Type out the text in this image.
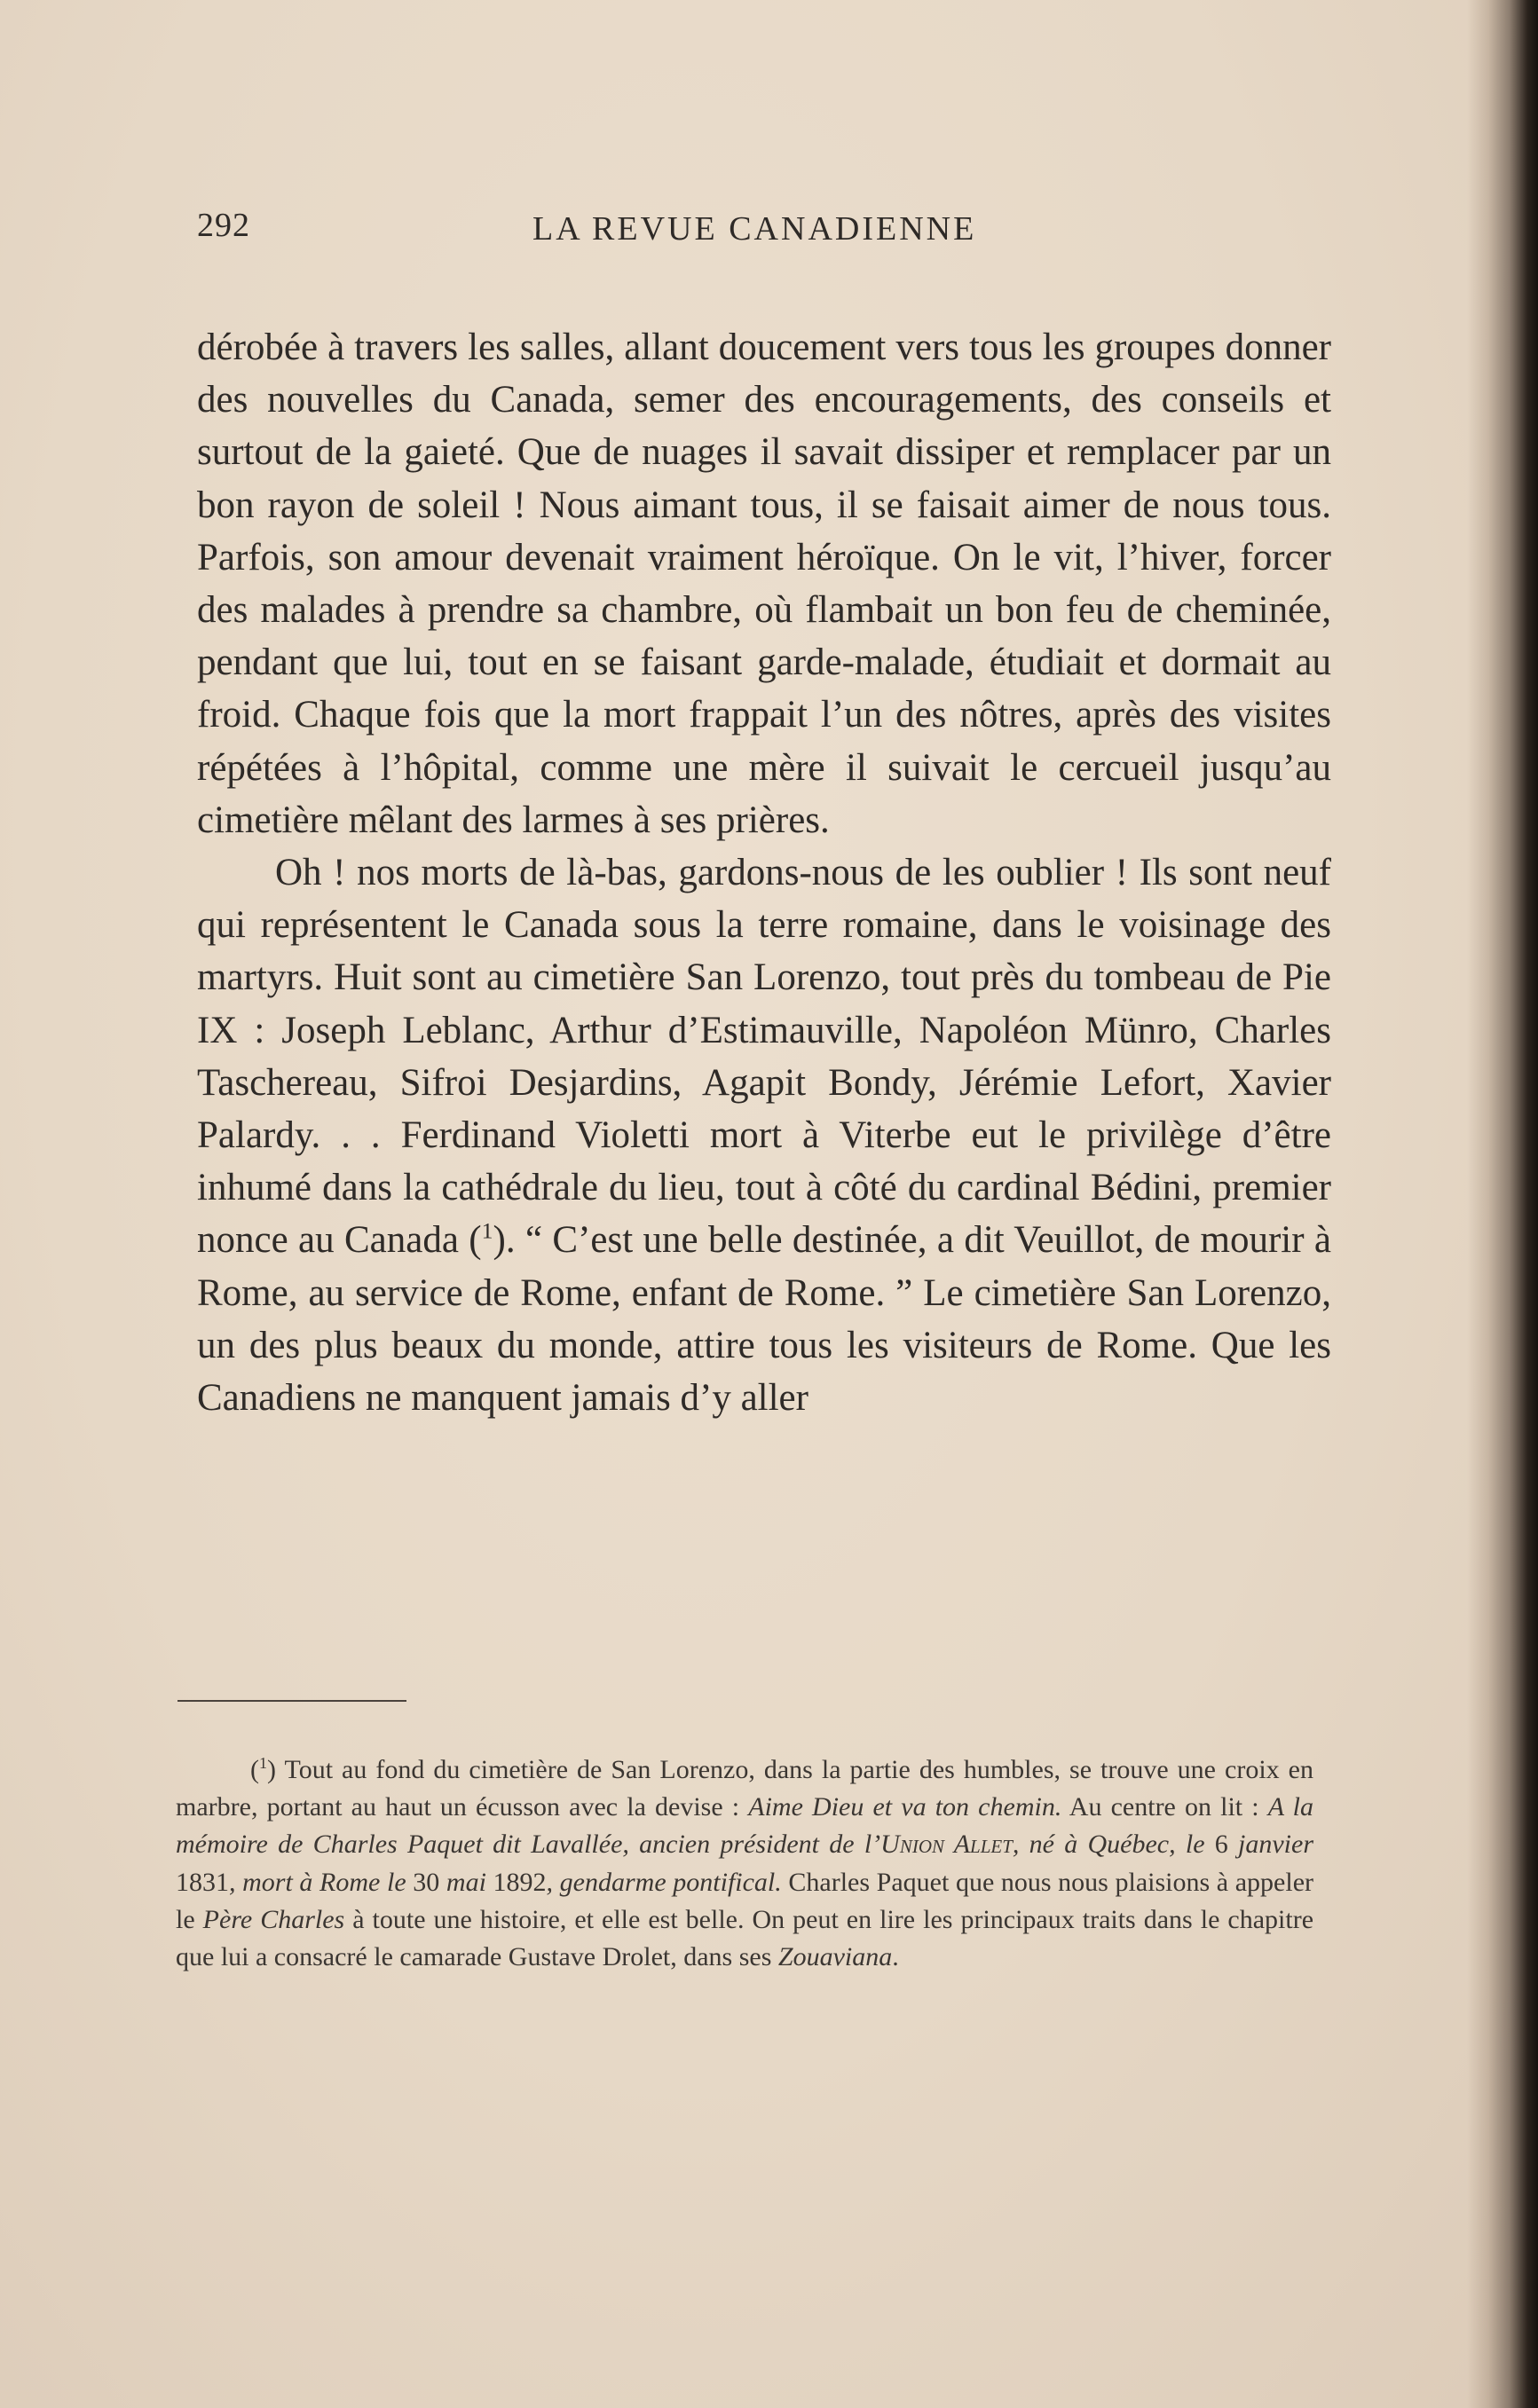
292	LA REVUE CANADIENNE

dérobée à travers les salles, allant doucement vers tous les groupes donner des nouvelles du Canada, semer des encouragements, des conseils et surtout de la gaieté. Que de nuages il savait dissiper et remplacer par un bon rayon de soleil ! Nous aimant tous, il se faisait aimer de nous tous. Parfois, son amour devenait vraiment héroïque. On le vit, l’hiver, forcer des malades à prendre sa chambre, où flambait un bon feu de cheminée, pendant que lui, tout en se faisant garde-malade, étudiait et dormait au froid. Chaque fois que la mort frappait l’un des nôtres, après des visites répétées à l’hôpital, comme une mère il suivait le cercueil jusqu’au cimetière mêlant des larmes à ses prières.

Oh ! nos morts de là-bas, gardons-nous de les oublier ! Ils sont neuf qui représentent le Canada sous la terre romaine, dans le voisinage des martyrs. Huit sont au cimetière San Lorenzo, tout près du tombeau de Pie IX : Joseph Leblanc, Arthur d’Estimauville, Napoléon Münro, Charles Taschereau, Sifroi Desjardins, Agapit Bondy, Jérémie Lefort, Xavier Palardy. . . Ferdinand Violetti mort à Viterbe eut le privilège d’être inhumé dans la cathédrale du lieu, tout à côté du cardinal Bédini, premier nonce au Canada ($^1$). “ C’est une belle destinée, a dit Veuillot, de mourir à Rome, au service de Rome, enfant de Rome. ” Le cimetière San Lorenzo, un des plus beaux du monde, attire tous les visiteurs de Rome. Que les Canadiens ne manquent jamais d’y aller

($^1$) Tout au fond du cimetière de San Lorenzo, dans la partie des humbles, se trouve une croix en marbre, portant au haut un écusson avec la devise : Aime Dieu et va ton chemin. Au centre on lit : A la mémoire de Charles Paquet dit Lavallée, ancien président de l’Union Allet, né à Québec, le 6 janvier 1831, mort à Rome le 30 mai 1892, gendarme pontifical. Charles Paquet que nous nous plaisions à appeler le Père Charles à toute une histoire, et elle est belle. On peut en lire les principaux traits dans le chapitre que lui a consacré le camarade Gustave Drolet, dans ses Zouaviana.
